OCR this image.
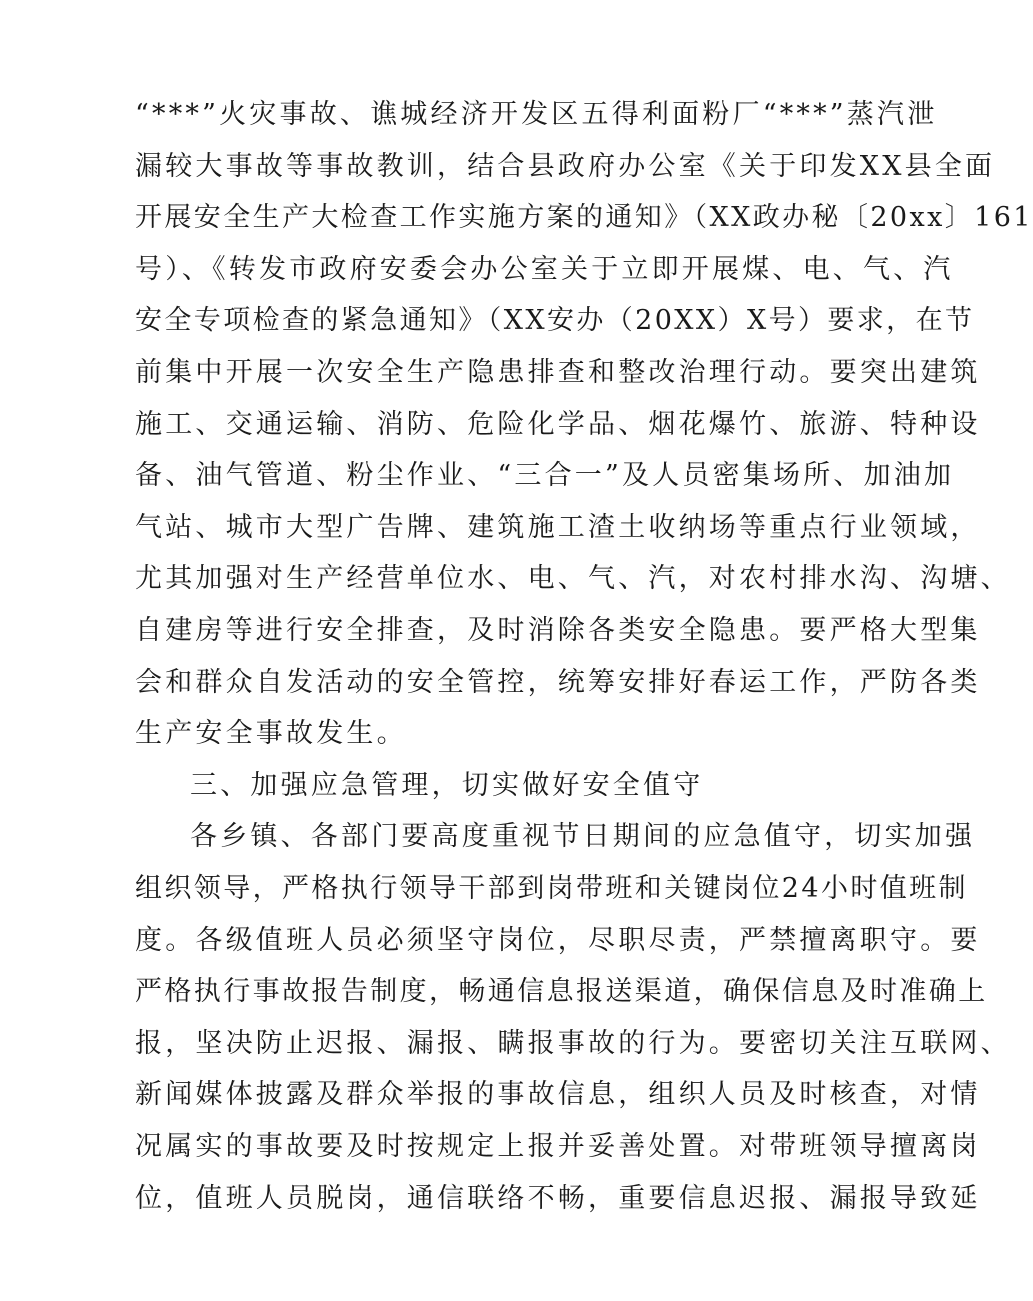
“***”火灾事故、谯城经济开发区五得利面粉厂“***”蒸汽泄
漏较大事故等事故教训，结合县政府办公室《关于印发XX县全面
开展安全生产大检查工作实施方案的通知》（XX政办秘〔20xx〕161
号）、《转发市政府安委会办公室关于立即开展煤、电、气、汽
安全专项检查的紧急通知》（XX安办（20XX）X号）要求，在节
前集中开展一次安全生产隐患排查和整改治理行动。要突出建筑
施工、交通运输、消防、危险化学品、烟花爆竹、旅游、特种设
备、油气管道、粉尘作业、“三合一”及人员密集场所、加油加
气站、城市大型广告牌、建筑施工渣土收纳场等重点行业领域，
尤其加强对生产经营单位水、电、气、汽，对农村排水沟、沟塘、
自建房等进行安全排查，及时消除各类安全隐患。要严格大型集
会和群众自发活动的安全管控，统筹安排好春运工作，严防各类
生产安全事故发生。
三、加强应急管理，切实做好安全值守
各乡镇、各部门要高度重视节日期间的应急值守，切实加强
组织领导，严格执行领导干部到岗带班和关键岗位24小时值班制
度。各级值班人员必须坚守岗位，尽职尽责，严禁擅离职守。要
严格执行事故报告制度，畅通信息报送渠道，确保信息及时准确上
报，坚决防止迟报、漏报、瞒报事故的行为。要密切关注互联网、
新闻媒体披露及群众举报的事故信息，组织人员及时核查，对情
况属实的事故要及时按规定上报并妥善处置。对带班领导擅离岗
位，值班人员脱岗，通信联络不畅，重要信息迟报、漏报导致延
